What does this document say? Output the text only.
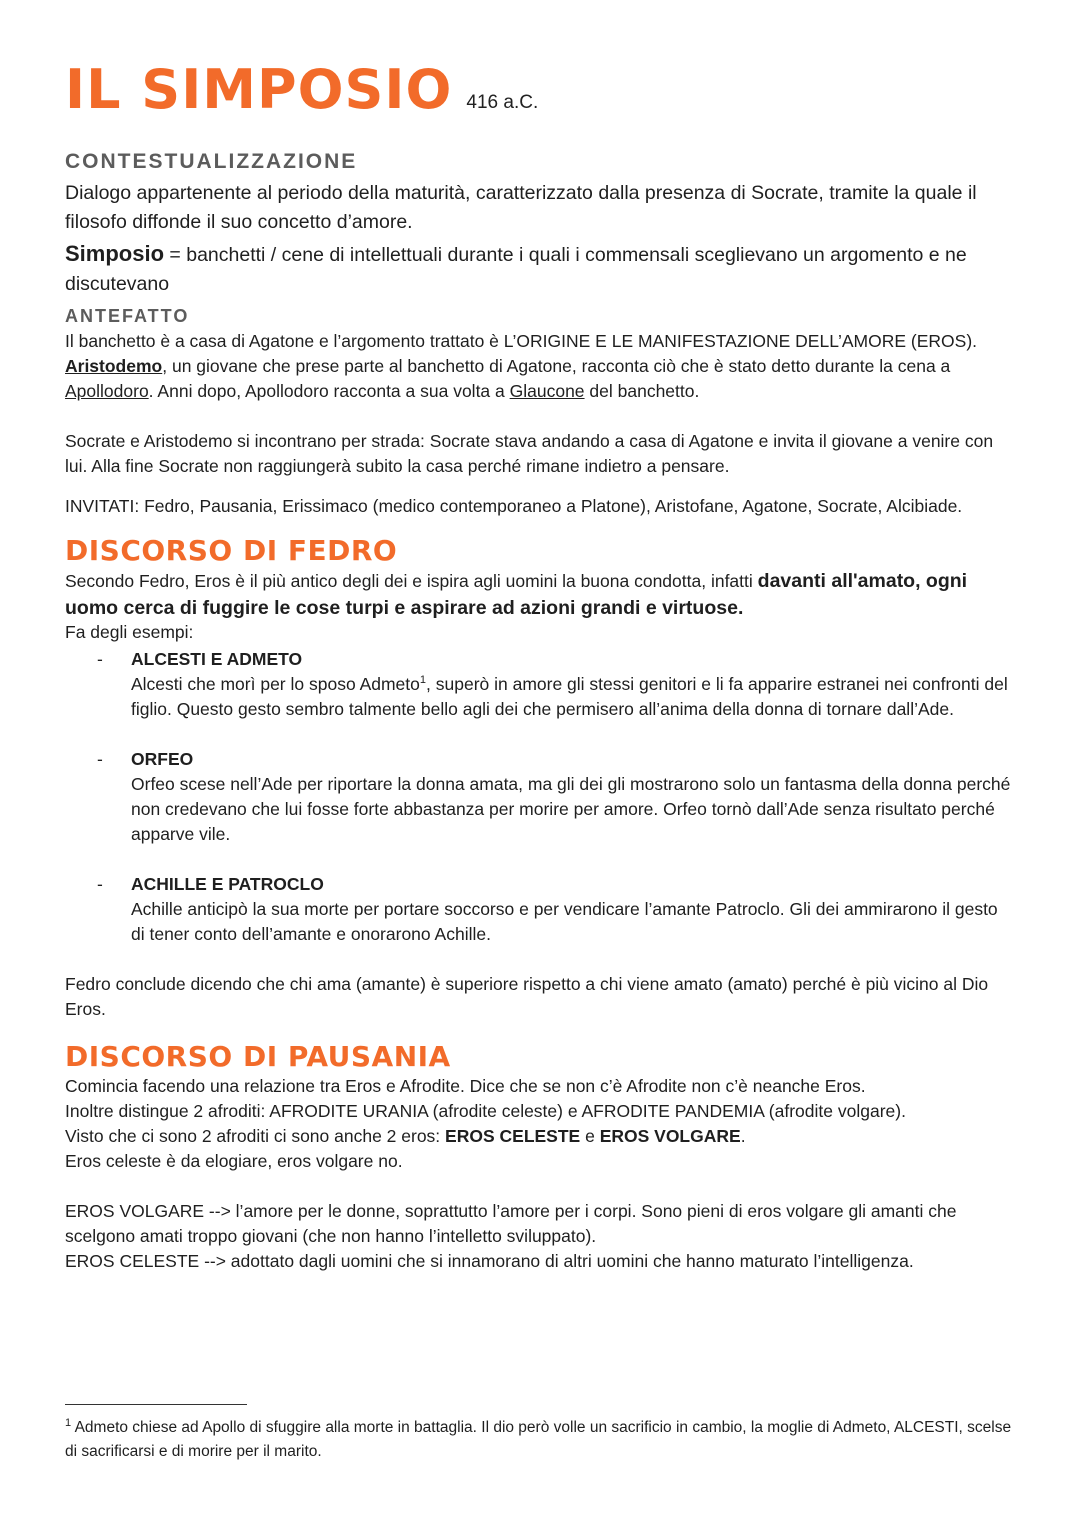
IL SIMPOSIO 416 a.C.
CONTESTUALIZZAZIONE

Dialogo appartenente al periodo della maturità, caratterizzato dalla presenza di Socrate, tramite la quale il filosofo diffonde il suo concetto d’amore.

Simposio = banchetti / cene di intellettuali durante i quali i commensali sceglievano un argomento e ne discutevano

ANTEFATTO

Il banchetto è a casa di Agatone e l’argomento trattato è L’ORIGINE E LE MANIFESTAZIONE DELL’AMORE (EROS).

Aristodemo, un giovane che prese parte al banchetto di Agatone, racconta ciò che è stato detto durante la cena a Apollodoro. Anni dopo, Apollodoro racconta a sua volta a Glaucone del banchetto.

Socrate e Aristodemo si incontrano per strada: Socrate stava andando a casa di Agatone e invita il giovane a venire con lui. Alla fine Socrate non raggiungerà subito la casa perché rimane indietro a pensare.

INVITATI: Fedro, Pausania, Erissimaco (medico contemporaneo a Platone), Aristofane, Agatone, Socrate, Alcibiade.

DISCORSO DI FEDRO

Secondo Fedro, Eros è il più antico degli dei e ispira agli uomini la buona condotta, infatti davanti all'amato, ogni uomo cerca di fuggire le cose turpi e aspirare ad azioni grandi e virtuose.

Fa degli esempi:

- ALCESTI E ADMETO

Alcesti che morì per lo sposo Admeto$^1$, superò in amore gli stessi genitori e li fa apparire estranei nei confronti del figlio. Questo gesto sembro talmente bello agli dei che permisero all’anima della donna di tornare dall’Ade.

- ORFEO

Orfeo scese nell’Ade per riportare la donna amata, ma gli dei gli mostrarono solo un fantasma della donna perché non credevano che lui fosse forte abbastanza per morire per amore. Orfeo tornò dall’Ade senza risultato perché apparve vile.

- ACHILLE E PATROCLO

Achille anticipò la sua morte per portare soccorso e per vendicare l’amante Patroclo. Gli dei ammirarono il gesto di tener conto dell’amante e onorarono Achille.

Fedro conclude dicendo che chi ama (amante) è superiore rispetto a chi viene amato (amato) perché è più vicino al Dio Eros.

DISCORSO DI PAUSANIA

Comincia facendo una relazione tra Eros e Afrodite. Dice che se non c’è Afrodite non c’è neanche Eros.

Inoltre distingue 2 afroditi: AFRODITE URANIA (afrodite celeste) e AFRODITE PANDEMIA (afrodite volgare).

Visto che ci sono 2 afroditi ci sono anche 2 eros: EROS CELESTE e EROS VOLGARE.

Eros celeste è da elogiare, eros volgare no.

EROS VOLGARE --> l’amore per le donne, soprattutto l’amore per i corpi. Sono pieni di eros volgare gli amanti che scelgono amati troppo giovani (che non hanno l’intelletto sviluppato).

EROS CELESTE --> adottato dagli uomini che si innamorano di altri uomini che hanno maturato l’intelligenza.

$^1$ Admeto chiese ad Apollo di sfuggire alla morte in battaglia. Il dio però volle un sacrificio in cambio, la moglie di Admeto, ALCESTI, scelse di sacrificarsi e di morire per il marito.
